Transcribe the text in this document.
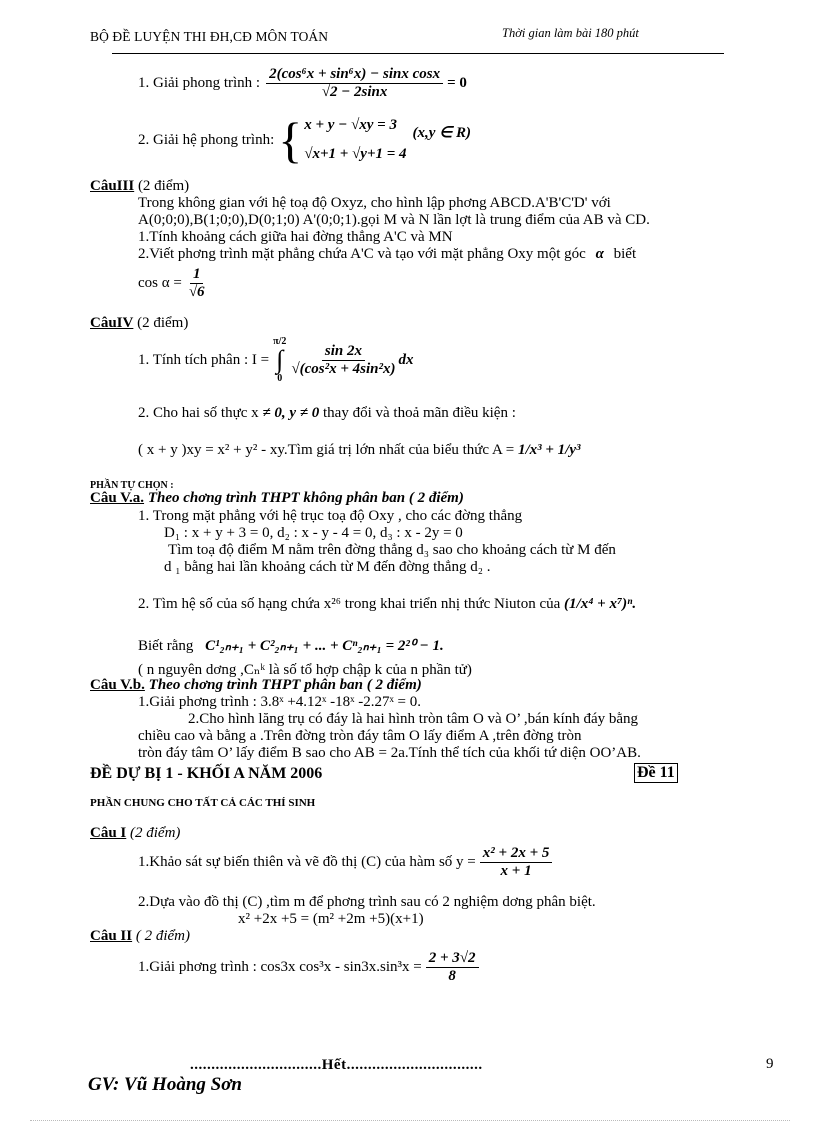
BỘ ĐỀ LUYỆN THI ĐH,CĐ MÔN TOÁN	Thời gian làm bài 180 phút
1. Giải phong trình : $\frac{\text{2(cos⁶x + sin⁶x) − sinx cosx}}{√2 - 2\sin x} = 0$
2. Giải hệ phong trình: { x + y − √xy = 3
√x+1 + √y+1 = 4
(x,y ∈ R)
CâuIII (2 điểm)
Trong không gian với hệ toạ độ Oxyz, cho hình lập phơng ABCD.A'B'C'D' với
A(0;0;0),B(1;0;0),D(0;1;0) A'(0;0;1).gọi M và N lần lợt là trung điểm của AB và CD.
1.Tính khoảng cách giữa hai đờng thẳng A'C và MN
2.Viết phơng trình mặt phẳng chứa A'C và tạo với mặt phẳng Oxy một góc α biết
$\cos \alpha = \frac{1}{√6}$
CâuIV (2 điểm)
1. Tính tích phân : I =
π/2
∫
0
$\frac{\sin 2x}{\text{√(cos²x + 4sin²x)}}$ dx
2. Cho hai số thực x ≠ 0, y ≠ 0 thay đổi và thoả mãn điều kiện :
( x + y )xy = x² + y² - xy.Tìm giá trị lớn nhất của biểu thức A = 1/x³ + 1/y³
PHẦN TỰ CHỌN :
Câu V.a. Theo chơng trình THPT không phân ban ( 2 điểm)
1. Trong mặt phẳng với hệ trục toạ độ Oxy , cho các đờng thẳng
D₁ : x + y + 3 = 0, d₂ : x - y - 4 = 0, d₃ : x - 2y = 0
Tìm toạ độ điểm M nằm trên đờng thẳng d₃ sao cho khoảng cách từ M đến
d ₁ bằng hai lần khoảng cách từ M đến đờng thẳng d₂ .
2. Tìm hệ số của số hạng chứa x²⁶ trong khai triển nhị thức Niuton của (1/x⁴ + x⁷)ⁿ.
Biết rằng C¹₂ₙ₊₁ + C²₂ₙ₊₁ + ... + Cⁿ₂ₙ₊₁ = 2²⁰ − 1.
( n nguyên dơng ,Cₙᵏ là số tổ hợp chập k của n phần tử)
Câu V.b. Theo chơng trình THPT phân ban ( 2 điểm)
1.Giải phơng trình : 3.8ˣ +4.12ˣ -18ˣ -2.27ˣ = 0.
2.Cho hình lăng trụ có đáy là hai hình tròn tâm O và O’ ,bán kính đáy bằng
chiều cao và bằng a .Trên đờng tròn đáy tâm O lấy điểm A ,trên đờng tròn
tròn đáy tâm O’ lấy điểm B sao cho AB = 2a.Tính thể tích của khối tứ diện OO’AB.
ĐỀ DỰ BỊ 1 - KHỐI A NĂM 2006	Đề 11
PHẦN CHUNG CHO TẤT CẢ CÁC THÍ SINH
Câu I (2 điểm)
1.Khảo sát sự biến thiên và vẽ đồ thị (C) của hàm số $y = \frac{\text{x² + 2x + 5}}{x + 1}$
2.Dựa vào đồ thị (C) ,tìm m để phơng trình sau có 2 nghiệm dơng phân biệt.
x² +2x +5 = (m² +2m +5)(x+1)
Câu II ( 2 điểm)
1.Giải phơng trình : cos3x $\cos^3x - \sin 3x.\sin^3x = \frac{2 + 3√2}{8}$
...............................Hết................................
GV: Vũ Hoàng Sơn
9
